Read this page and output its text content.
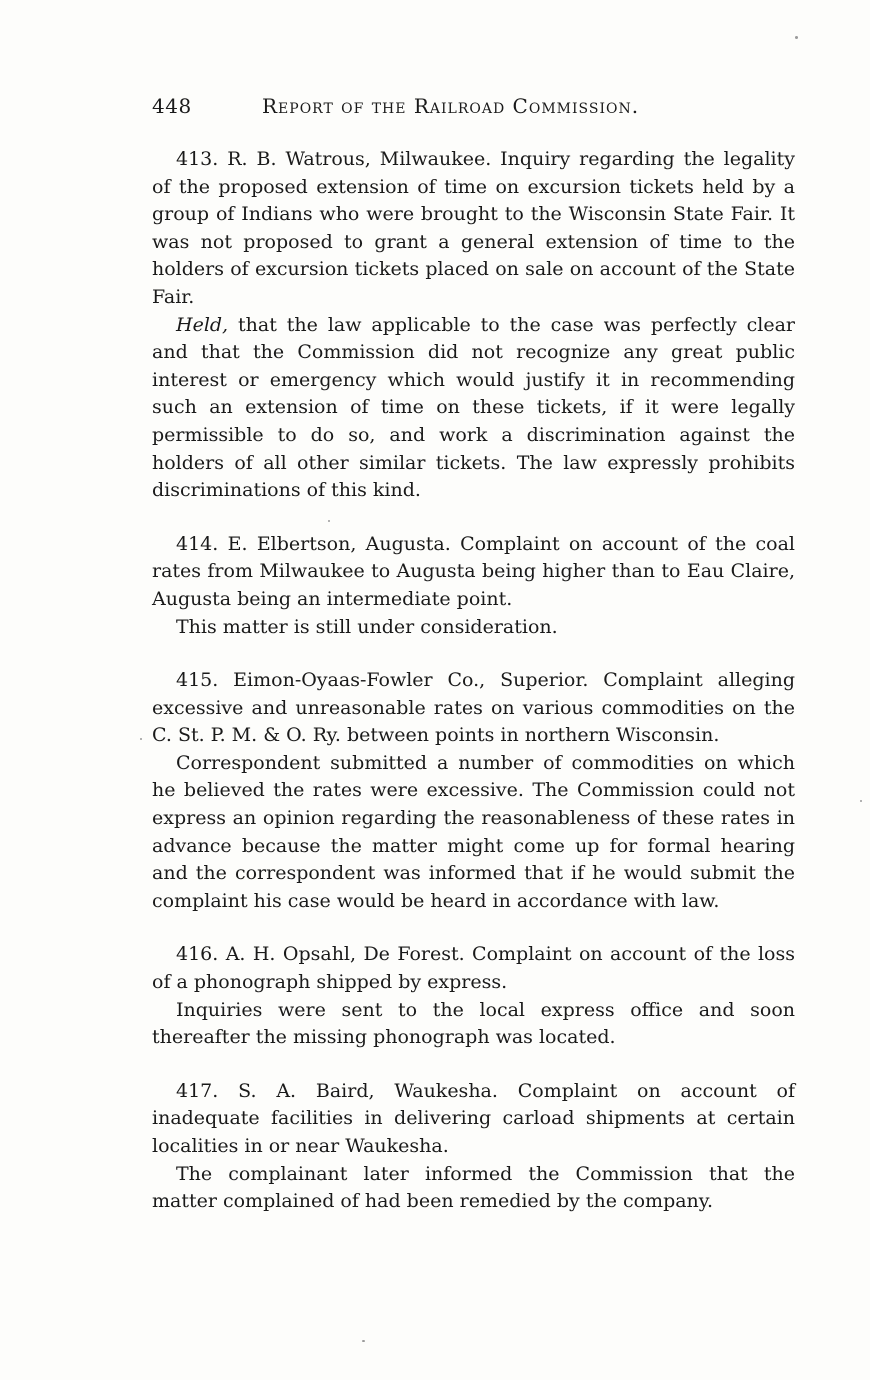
448	Report of the Railroad Commission.

413. R. B. Watrous, Milwaukee. Inquiry regarding the legality of the proposed extension of time on excursion tickets held by a group of Indians who were brought to the Wisconsin State Fair. It was not proposed to grant a general extension of time to the holders of excursion tickets placed on sale on account of the State Fair.

Held, that the law applicable to the case was perfectly clear and that the Commission did not recognize any great public interest or emergency which would justify it in recommending such an extension of time on these tickets, if it were legally permissible to do so, and work a discrimination against the holders of all other similar tickets. The law expressly prohibits discriminations of this kind.

414. E. Elbertson, Augusta. Complaint on account of the coal rates from Milwaukee to Augusta being higher than to Eau Claire, Augusta being an intermediate point.

This matter is still under consideration.

415. Eimon-Oyaas-Fowler Co., Superior. Complaint alleging excessive and unreasonable rates on various commodities on the C. St. P. M. & O. Ry. between points in northern Wisconsin.

Correspondent submitted a number of commodities on which he believed the rates were excessive. The Commission could not express an opinion regarding the reasonableness of these rates in advance because the matter might come up for formal hearing and the correspondent was informed that if he would submit the complaint his case would be heard in accordance with law.

416. A. H. Opsahl, De Forest. Complaint on account of the loss of a phonograph shipped by express.

Inquiries were sent to the local express office and soon thereafter the missing phonograph was located.

417. S. A. Baird, Waukesha. Complaint on account of inadequate facilities in delivering carload shipments at certain localities in or near Waukesha.

The complainant later informed the Commission that the matter complained of had been remedied by the company.
